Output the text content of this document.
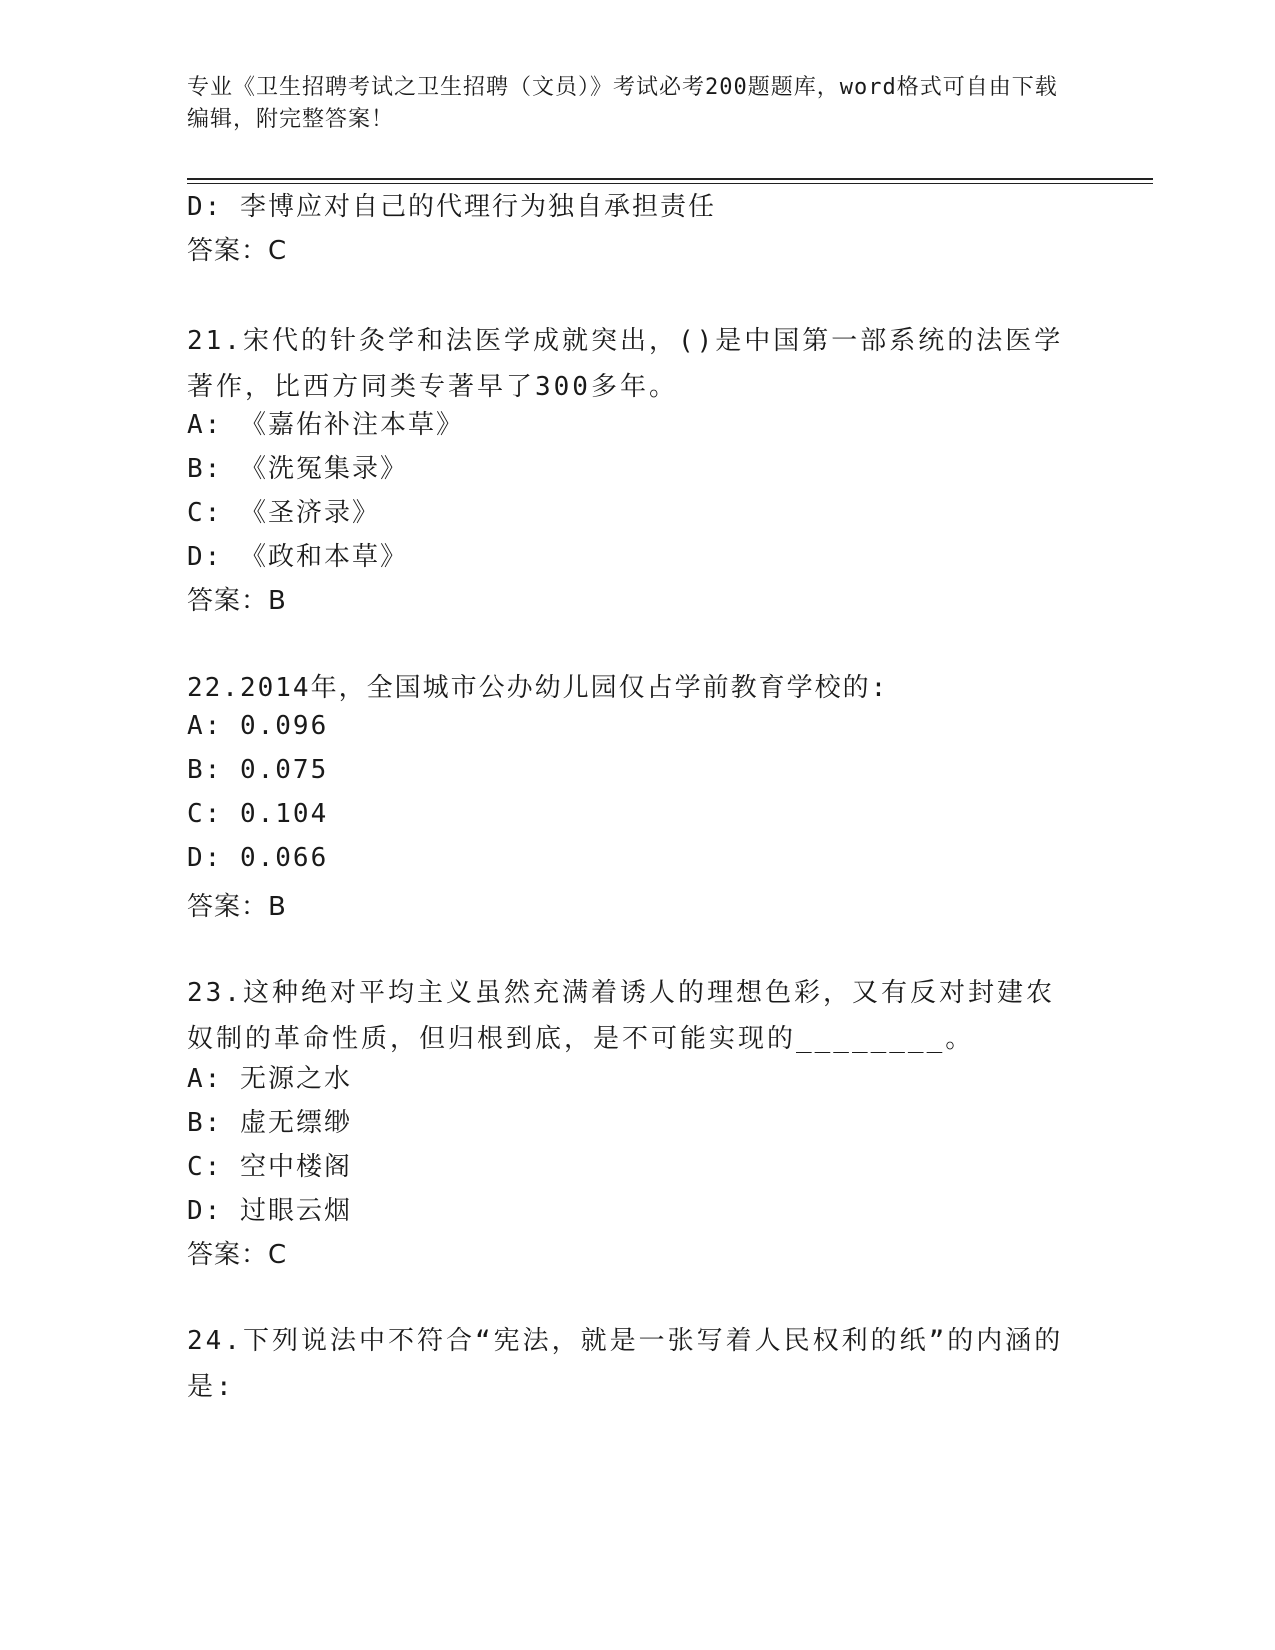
专业《卫生招聘考试之卫生招聘（文员）》考试必考200题题库，word格式可自由下载编辑，附完整答案！
D: 李博应对自己的代理行为独自承担责任
答案：C
21.宋代的针灸学和法医学成就突出，()是中国第一部系统的法医学著作，比西方同类专著早了300多年。
A: 《嘉佑补注本草》
B: 《洗冤集录》
C: 《圣济录》
D: 《政和本草》
答案：B
22.2014年，全国城市公办幼儿园仅占学前教育学校的:
A: 0.096
B: 0.075
C: 0.104
D: 0.066
答案：B
23.这种绝对平均主义虽然充满着诱人的理想色彩，又有反对封建农奴制的革命性质，但归根到底，是不可能实现的________。
A: 无源之水
B: 虚无缥缈
C: 空中楼阁
D: 过眼云烟
答案：C
24.下列说法中不符合“宪法，就是一张写着人民权利的纸”的内涵的是:
